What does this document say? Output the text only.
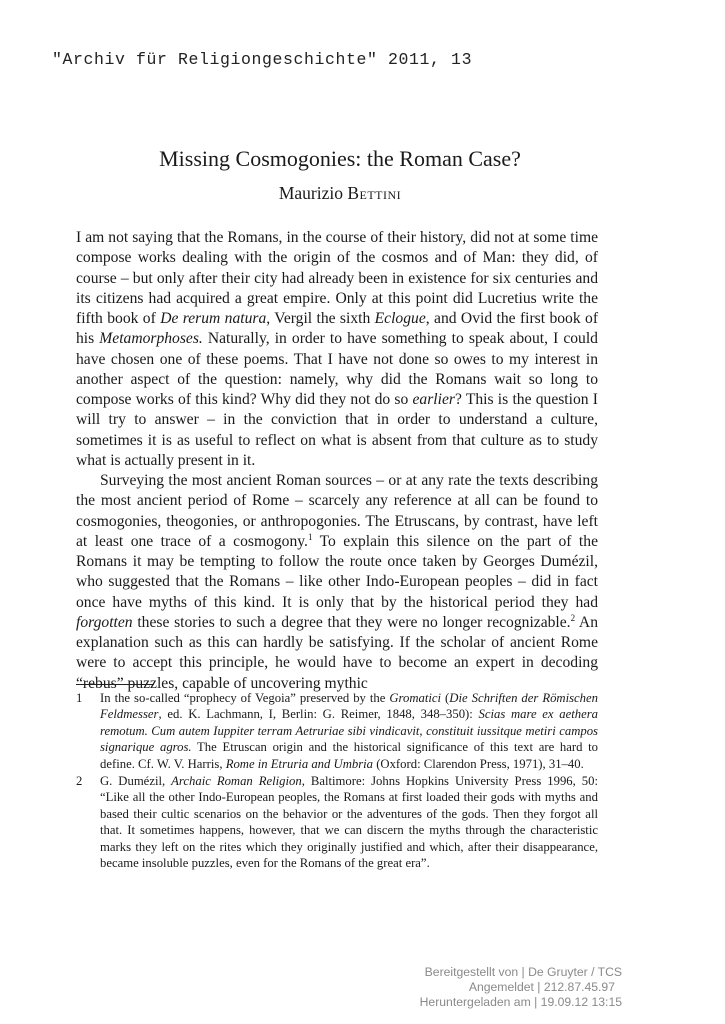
"Archiv für Religiongeschichte" 2011, 13
Missing Cosmogonies: the Roman Case?
Maurizio Bettini

I am not saying that the Romans, in the course of their history, did not at some time compose works dealing with the origin of the cosmos and of Man: they did, of course – but only after their city had already been in existence for six centuries and its citizens had acquired a great empire. Only at this point did Lucretius write the fifth book of De rerum natura, Vergil the sixth Eclogue, and Ovid the first book of his Metamorphoses. Naturally, in order to have something to speak about, I could have chosen one of these poems. That I have not done so owes to my interest in another aspect of the question: namely, why did the Romans wait so long to compose works of this kind? Why did they not do so earlier? This is the question I will try to answer – in the conviction that in order to understand a culture, sometimes it is as useful to reflect on what is absent from that culture as to study what is actually present in it.

Surveying the most ancient Roman sources – or at any rate the texts describing the most ancient period of Rome – scarcely any reference at all can be found to cosmogonies, theogonies, or anthropogonies. The Etruscans, by contrast, have left at least one trace of a cosmogony.$^1$ To explain this silence on the part of the Romans it may be tempting to follow the route once taken by Georges Dumézil, who suggested that the Romans – like other Indo-European peoples – did in fact once have myths of this kind. It is only that by the historical period they had forgotten these stories to such a degree that they were no longer recognizable.$^2$ An explanation such as this can hardly be satisfying. If the scholar of ancient Rome were to accept this principle, he would have to become an expert in decoding “rebus” puzzles, capable of uncovering mythic

1	In the so-called “prophecy of Vegoia” preserved by the Gromatici (Die Schriften der Römischen Feldmesser, ed. K. Lachmann, I, Berlin: G. Reimer, 1848, 348–350): Scias mare ex aethera remotum. Cum autem Iuppiter terram Aetruriae sibi vindicavit, constituit iussitque metiri campos signarique agros. The Etruscan origin and the historical significance of this text are hard to define. Cf. W. V. Harris, Rome in Etruria and Umbria (Oxford: Clarendon Press, 1971), 31–40.
2	G. Dumézil, Archaic Roman Religion, Baltimore: Johns Hopkins University Press 1996, 50: “Like all the other Indo-European peoples, the Romans at first loaded their gods with myths and based their cultic scenarios on the behavior or the adventures of the gods. Then they forgot all that. It sometimes happens, however, that we can discern the myths through the characteristic marks they left on the rites which they originally justified and which, after their disappearance, became insoluble puzzles, even for the Romans of the great era”.
Bereitgestellt von | De Gruyter / TCS
Angemeldet | 212.87.45.97
Heruntergeladen am | 19.09.12 13:15
